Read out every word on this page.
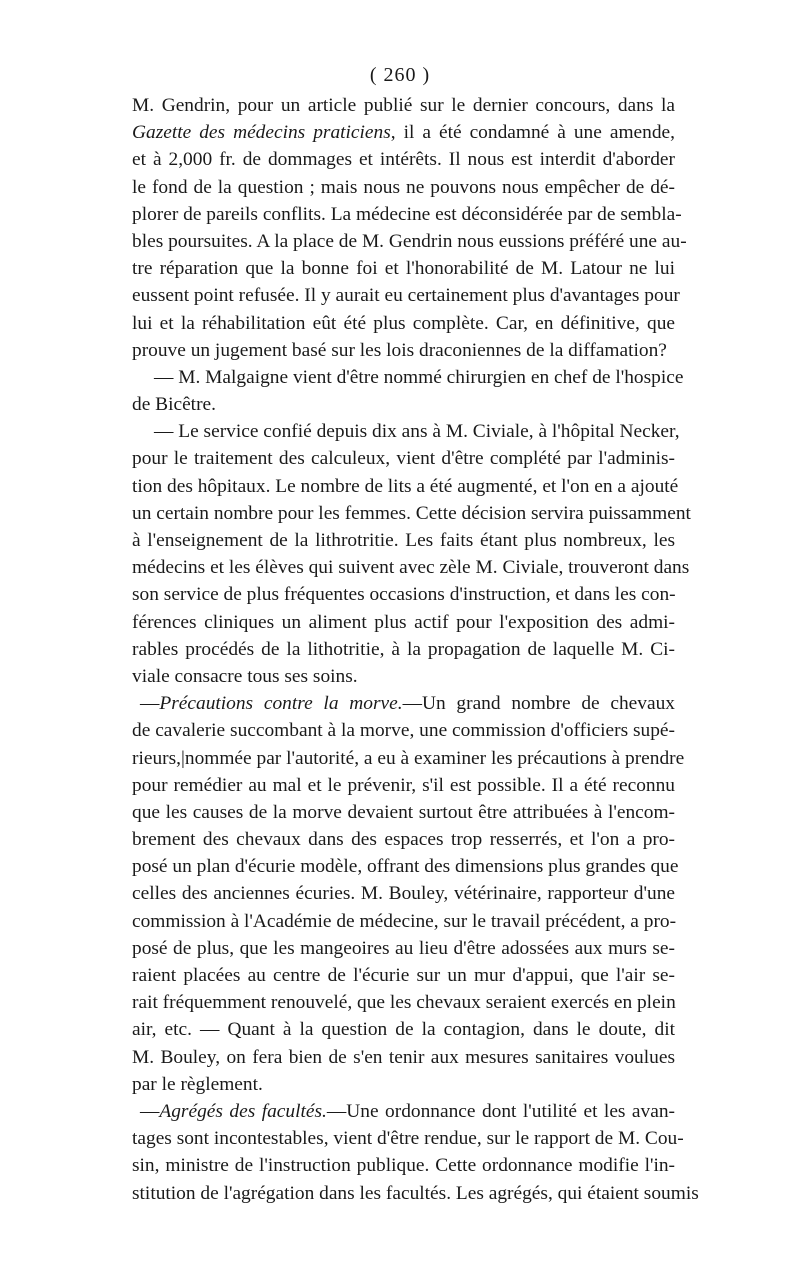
( 260 )
M. Gendrin, pour un article publié sur le dernier concours, dans la
Gazette des médecins praticiens, il a été condamné à une amende,
et à 2,000 fr. de dommages et intérêts. Il nous est interdit d'aborder
le fond de la question ; mais nous ne pouvons nous empêcher de dé-
plorer de pareils conflits. La médecine est déconsidérée par de sembla-
bles poursuites. A la place de M. Gendrin nous eussions préféré une au-
tre réparation que la bonne foi et l'honorabilité de M. Latour ne lui
eussent point refusée. Il y aurait eu certainement plus d'avantages pour
lui et la réhabilitation eût été plus complète. Car, en définitive, que
prouve un jugement basé sur les lois draconiennes de la diffamation?
— M. Malgaigne vient d'être nommé chirurgien en chef de l'hospice
de Bicêtre.
— Le service confié depuis dix ans à M. Civiale, à l'hôpital Necker,
pour le traitement des calculeux, vient d'être complété par l'adminis-
tion des hôpitaux. Le nombre de lits a été augmenté, et l'on en a ajouté
un certain nombre pour les femmes. Cette décision servira puissamment
à l'enseignement de la lithrotritie. Les faits étant plus nombreux, les
médecins et les élèves qui suivent avec zèle M. Civiale, trouveront dans
son service de plus fréquentes occasions d'instruction, et dans les con-
férences cliniques un aliment plus actif pour l'exposition des admi-
rables procédés de la lithotritie, à la propagation de laquelle M. Ci-
viale consacre tous ses soins.
—Précautions contre la morve.—Un grand nombre de chevaux
de cavalerie succombant à la morve, une commission d'officiers supé-
rieurs,|nommée par l'autorité, a eu à examiner les précautions à prendre
pour remédier au mal et le prévenir, s'il est possible. Il a été reconnu
que les causes de la morve devaient surtout être attribuées à l'encom-
brement des chevaux dans des espaces trop resserrés, et l'on a pro-
posé un plan d'écurie modèle, offrant des dimensions plus grandes que
celles des anciennes écuries. M. Bouley, vétérinaire, rapporteur d'une
commission à l'Académie de médecine, sur le travail précédent, a pro-
posé de plus, que les mangeoires au lieu d'être adossées aux murs se-
raient placées au centre de l'écurie sur un mur d'appui, que l'air se-
rait fréquemment renouvelé, que les chevaux seraient exercés en plein
air, etc. — Quant à la question de la contagion, dans le doute, dit
M. Bouley, on fera bien de s'en tenir aux mesures sanitaires voulues
par le règlement.
—Agrégés des facultés.—Une ordonnance dont l'utilité et les avan-
tages sont incontestables, vient d'être rendue, sur le rapport de M. Cou-
sin, ministre de l'instruction publique. Cette ordonnance modifie l'in-
stitution de l'agrégation dans les facultés. Les agrégés, qui étaient soumis
